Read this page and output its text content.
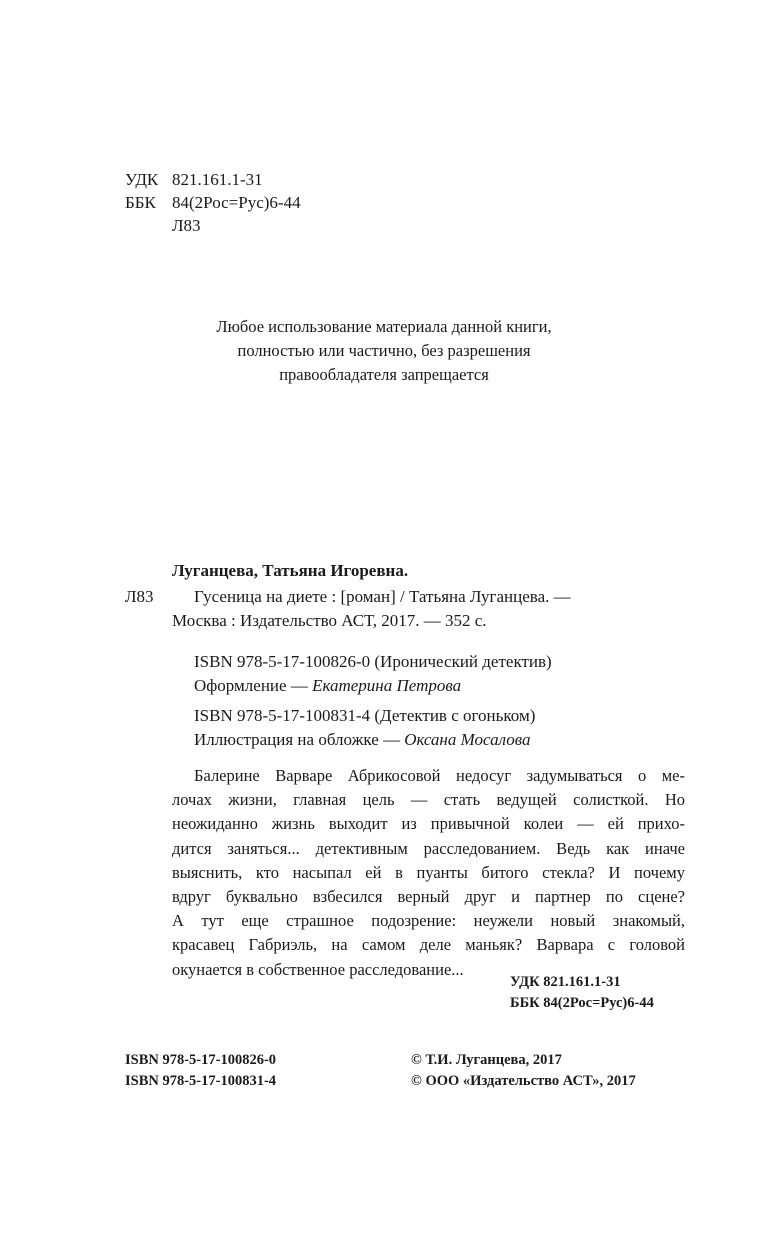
УДК 821.161.1-31
ББК 84(2Рос=Рус)6-44
Л83
Любое использование материала данной книги,
полностью или частично, без разрешения
правообладателя запрещается
Луганцева, Татьяна Игоревна.
Л83 Гусеница на диете : [роман] / Татьяна Луганцева. —
Москва : Издательство АСТ, 2017. — 352 с.
ISBN 978-5-17-100826-0 (Иронический детектив)
Оформление — Екатерина Петрова
ISBN 978-5-17-100831-4 (Детектив с огоньком)
Иллюстрация на обложке — Оксана Мосалова
Балерине Варваре Абрикосовой недосуг задумываться о ме-
лочах жизни, главная цель — стать ведущей солисткой. Но
неожиданно жизнь выходит из привычной колеи — ей прихо-
дится заняться... детективным расследованием. Ведь как иначе
выяснить, кто насыпал ей в пуанты битого стекла? И почему
вдруг буквально взбесился верный друг и партнер по сцене?
А тут еще страшное подозрение: неужели новый знакомый,
красавец Габриэль, на самом деле маньяк? Варвара с головой
окунается в собственное расследование...
УДК 821.161.1-31
ББК 84(2Рос=Рус)6-44
ISBN 978-5-17-100826-0
ISBN 978-5-17-100831-4
© Т.И. Луганцева, 2017
© ООО «Издательство АСТ», 2017
